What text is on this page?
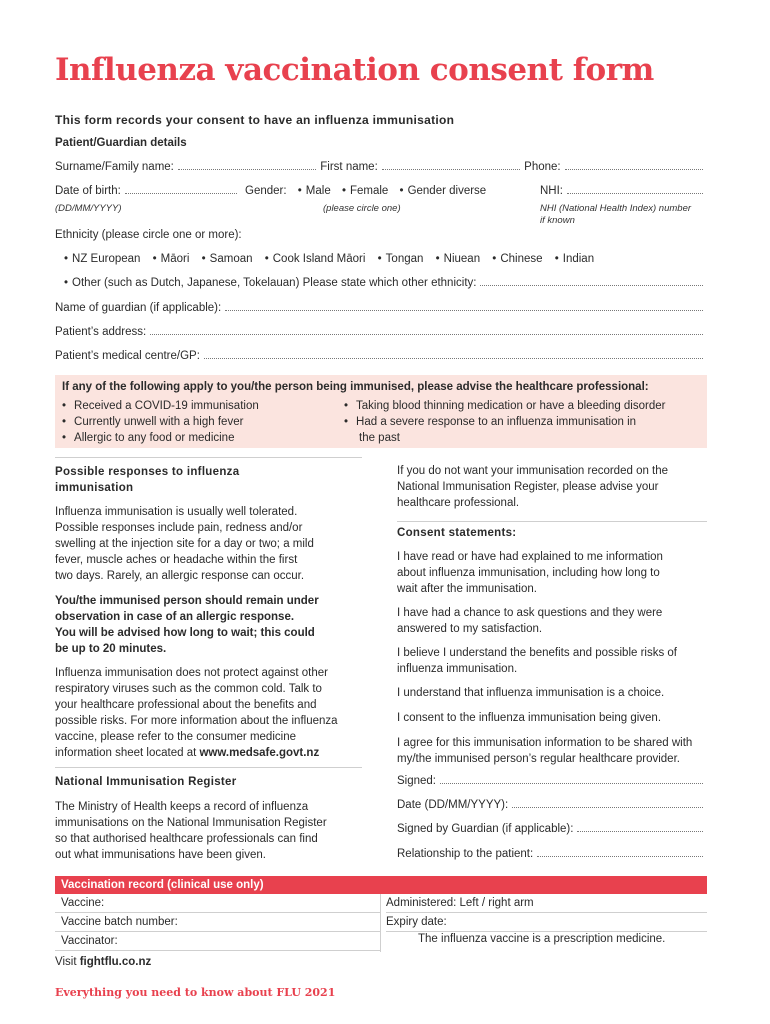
Influenza vaccination consent form
This form records your consent to have an influenza immunisation
Patient/Guardian details
Surname/Family name:	First name:	Phone:
Date of birth:	Gender: • Male • Female • Gender diverse	NHI:
(DD/MM/YYYY)	(please circle one)	NHI (National Health Index) number
if known
Ethnicity (please circle one or more):
• NZ European • Māori • Samoan • Cook Island Māori • Tongan • Niuean • Chinese • Indian
• Other (such as Dutch, Japanese, Tokelauan) Please state which other ethnicity:
Name of guardian (if applicable):
Patient’s address:
Patient’s medical centre/GP:
If any of the following apply to you/the person being immunised, please advise the healthcare professional:
• Received a COVID-19 immunisation
• Currently unwell with a high fever
• Allergic to any food or medicine
• Taking blood thinning medication or have a bleeding disorder
• Had a severe response to an influenza immunisation in
the past
Possible responses to influenza
immunisation
Influenza immunisation is usually well tolerated.
Possible responses include pain, redness and/or
swelling at the injection site for a day or two; a mild
fever, muscle aches or headache within the first
two days. Rarely, an allergic response can occur.
You/the immunised person should remain under
observation in case of an allergic response.
You will be advised how long to wait; this could
be up to 20 minutes.
Influenza immunisation does not protect against other
respiratory viruses such as the common cold. Talk to
your healthcare professional about the benefits and
possible risks. For more information about the influenza
vaccine, please refer to the consumer medicine
information sheet located at www.medsafe.govt.nz
National Immunisation Register
The Ministry of Health keeps a record of influenza
immunisations on the National Immunisation Register
so that authorised healthcare professionals can find
out what immunisations have been given.
If you do not want your immunisation recorded on the
National Immunisation Register, please advise your
healthcare professional.
Consent statements:
I have read or have had explained to me information
about influenza immunisation, including how long to
wait after the immunisation.
I have had a chance to ask questions and they were
answered to my satisfaction.
I believe I understand the benefits and possible risks of
influenza immunisation.
I understand that influenza immunisation is a choice.
I consent to the influenza immunisation being given.
I agree for this immunisation information to be shared with
my/the immunised person’s regular healthcare provider.
Signed:
Date (DD/MM/YYYY):
Signed by Guardian (if applicable):
Relationship to the patient:
Vaccination record (clinical use only)
Vaccine:	Administered: Left / right arm
Vaccine batch number:	Expiry date:
Vaccinator:	The influenza vaccine is a prescription medicine.
Visit fightflu.co.nz
Everything you need to know about FLU 2021
